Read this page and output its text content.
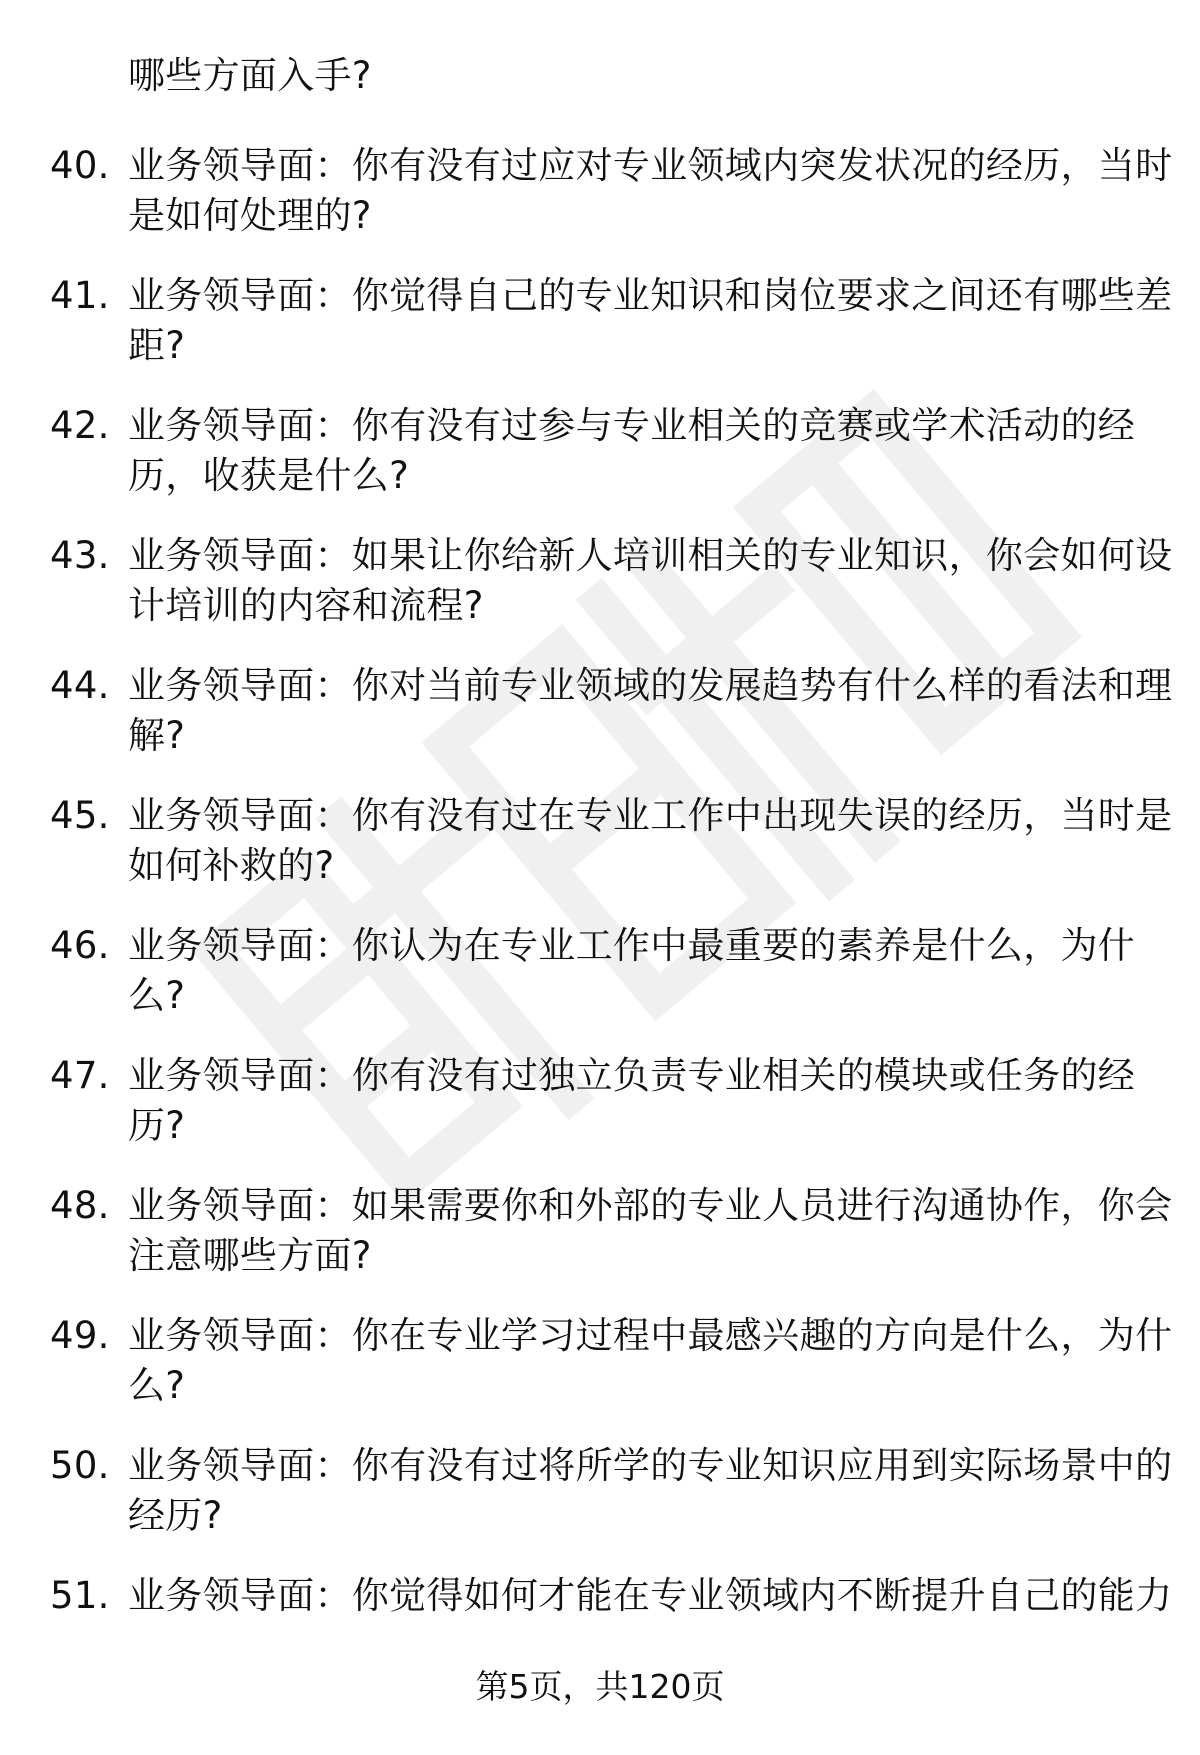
哪些方面入手?
40. 业务领导面：你有没有过应对专业领域内突发状况的经历，当时
是如何处理的?
41. 业务领导面：你觉得自己的专业知识和岗位要求之间还有哪些差
距?
42. 业务领导面：你有没有过参与专业相关的竞赛或学术活动的经
历，收获是什么?
43. 业务领导面：如果让你给新人培训相关的专业知识，你会如何设
计培训的内容和流程?
44. 业务领导面：你对当前专业领域的发展趋势有什么样的看法和理
解?
45. 业务领导面：你有没有过在专业工作中出现失误的经历，当时是
如何补救的?
46. 业务领导面：你认为在专业工作中最重要的素养是什么，为什
么?
47. 业务领导面：你有没有过独立负责专业相关的模块或任务的经
历?
48. 业务领导面：如果需要你和外部的专业人员进行沟通协作，你会
注意哪些方面?
49. 业务领导面：你在专业学习过程中最感兴趣的方向是什么，为什
么?
50. 业务领导面：你有没有过将所学的专业知识应用到实际场景中的
经历?
51. 业务领导面：你觉得如何才能在专业领域内不断提升自己的能力
第5页，共120页
